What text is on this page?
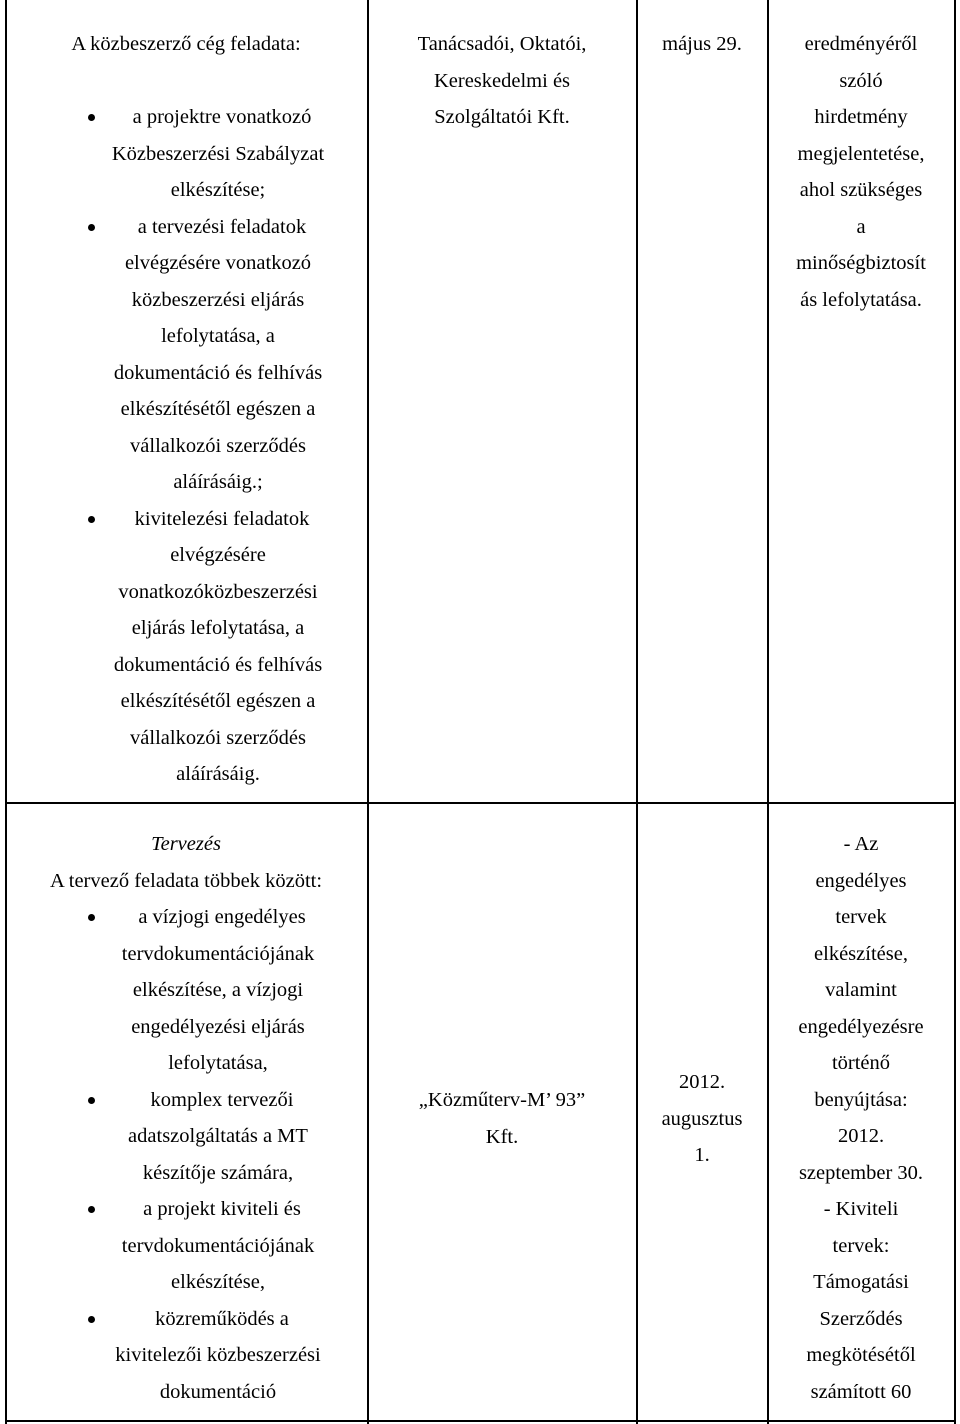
A közbeszerző cég feladata:
a projektre vonatkozó
Közbeszerzési Szabályzat
elkészítése;
a tervezési feladatok
elvégzésére vonatkozó
közbeszerzési eljárás
lefolytatása, a
dokumentáció és felhívás
elkészítésétől egészen a
vállalkozói szerződés
aláírásáig.;
kivitelezési feladatok
elvégzésére
vonatkozóközbeszerzési
eljárás lefolytatása, a
dokumentáció és felhívás
elkészítésétől egészen a
vállalkozói szerződés
aláírásáig.
Tanácsadói, Oktatói,
Kereskedelmi és
Szolgáltatói Kft.
május 29.	eredményéről
szóló
hirdetmény
megjelentetése,
ahol szükséges
a
minőségbiztosít
ás lefolytatása.
Tervezés
A tervező feladata többek között:
a vízjogi engedélyes
tervdokumentációjának
elkészítése, a vízjogi
engedélyezési eljárás
lefolytatása,
komplex tervezői
adatszolgáltatás a MT
készítője számára,
a projekt kiviteli és
tervdokumentációjának
elkészítése,
közreműködés a
kivitelezői közbeszerzési
dokumentáció
„Közműterv-M’ 93”
Kft.
2012.
augusztus
1.
- Az
engedélyes
tervek
elkészítése,
valamint
engedélyezésre
történő
benyújtása:
2012.
szeptember 30.
- Kiviteli
tervek:
Támogatási
Szerződés
megkötésétől
számított 60
